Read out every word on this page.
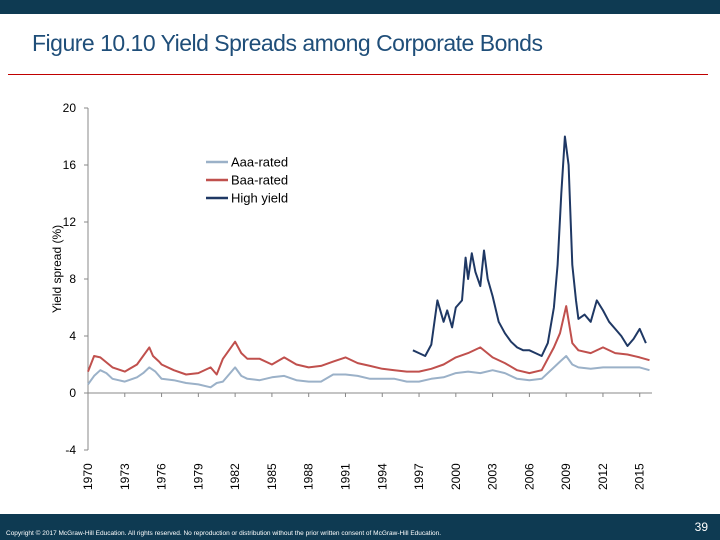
Figure 10.10 Yield Spreads among Corporate Bonds
-4
0
4
8
12
16
20
1970 1973 1976 1979 1982 1985 1988 1991 1994 1997 2000 2003 2006 2009 2012 2015
Yield spread (%)
Aaa-rated
Baa-rated
High yield
Copyright © 2017 McGraw-Hill Education. All rights reserved. No reproduction or distribution without the prior written consent of McGraw-Hill Education.	39
